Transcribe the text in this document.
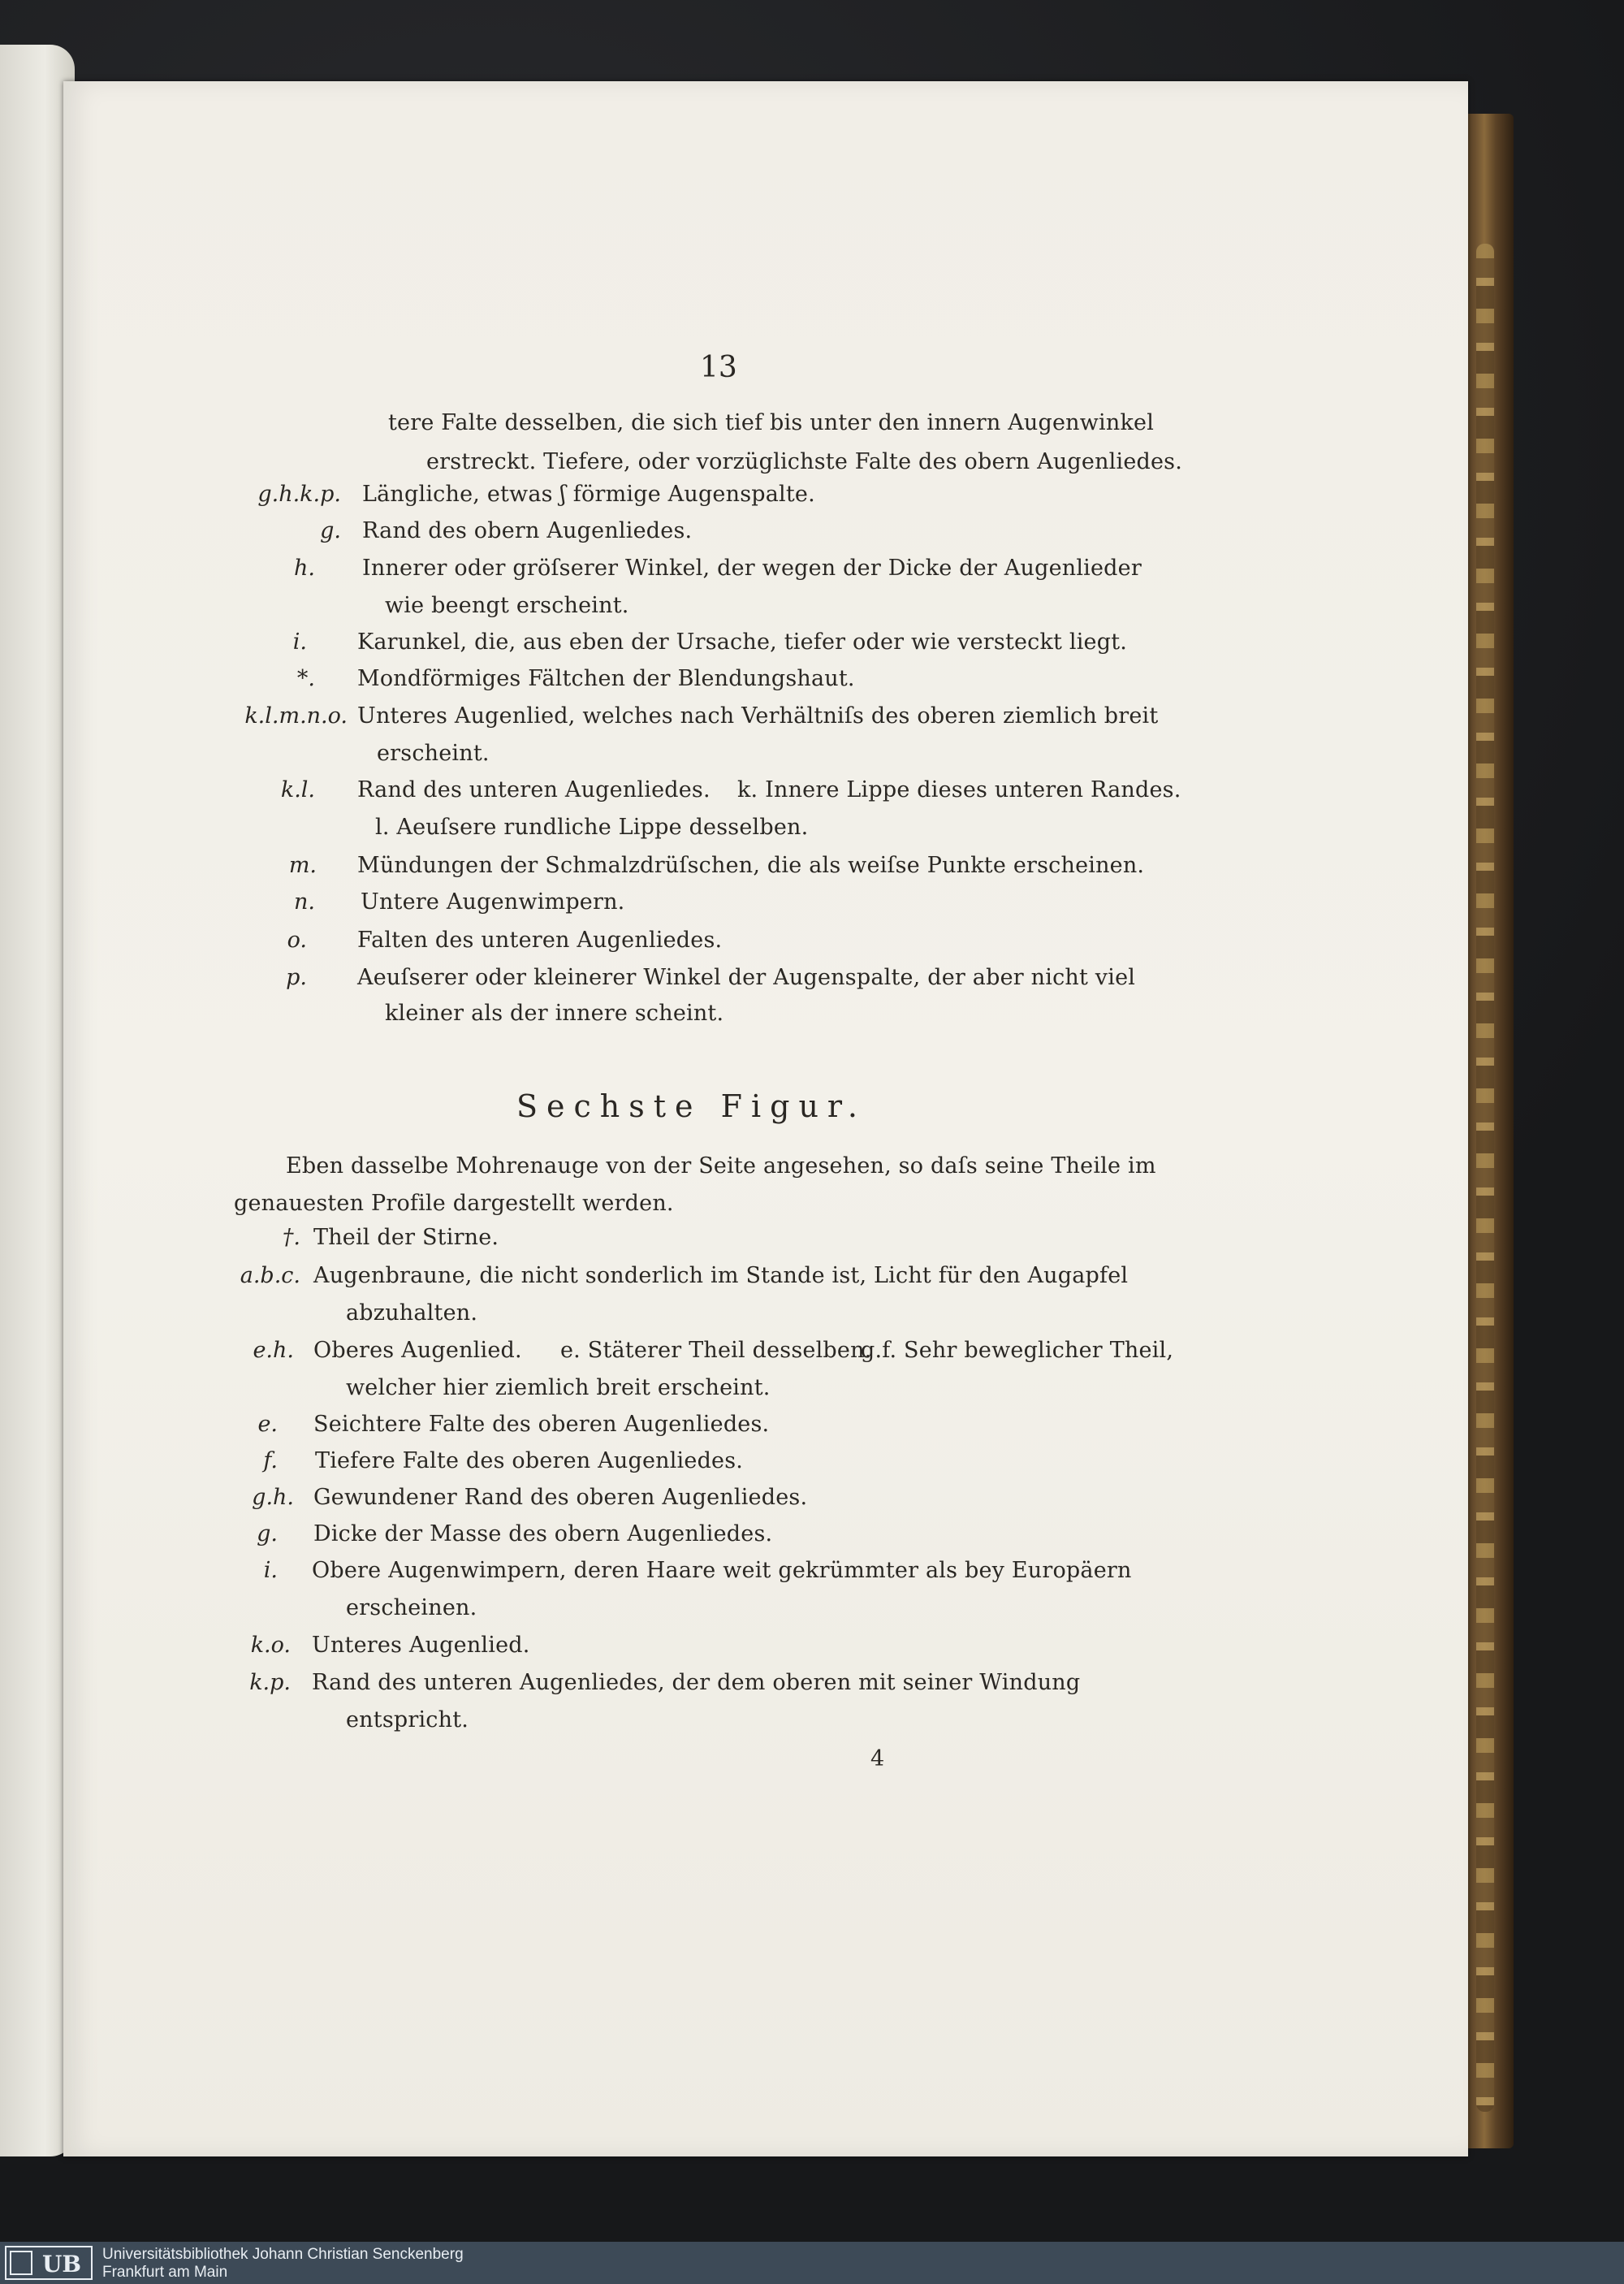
13
tere Falte desselben, die sich tief bis unter den innern Augenwinkel
erstreckt. Tiefere, oder vorzüglichste Falte des obern Augenliedes.
g.h.k.p. Längliche, etwas ʃ förmige Augenspalte.
g. Rand des obern Augenliedes.
h. Innerer oder gröſserer Winkel, der wegen der Dicke der Augenlieder
wie beengt erscheint.
i. Karunkel, die, aus eben der Ursache, tiefer oder wie versteckt liegt.
*. Mondförmiges Fältchen der Blendungshaut.
k.l.m.n.o. Unteres Augenlied, welches nach Verhältniſs des oberen ziemlich breit
erscheint.
k.l. Rand des unteren Augenliedes. k. Innere Lippe dieses unteren Randes.
l. Aeuſsere rundliche Lippe desselben.
m. Mündungen der Schmalzdrüſschen, die als weiſse Punkte erscheinen.
n. Untere Augenwimpern.
o. Falten des unteren Augenliedes.
p. Aeuſserer oder kleinerer Winkel der Augenspalte, der aber nicht viel
kleiner als der innere scheint.
Sechste Figur.
Eben dasselbe Mohrenauge von der Seite angesehen, so daſs seine Theile im
genauesten Profile dargestellt werden.
†. Theil der Stirne.
a.b.c. Augenbraune, die nicht sonderlich im Stande ist, Licht für den Augapfel
abzuhalten.
e.h. Oberes Augenlied. e. Stäterer Theil desselben.
g.f. Sehr beweglicher Theil,
welcher hier ziemlich breit erscheint.
e. Seichtere Falte des oberen Augenliedes.
f. Tiefere Falte des oberen Augenliedes.
g.h. Gewundener Rand des oberen Augenliedes.
g. Dicke der Masse des obern Augenliedes.
i. Obere Augenwimpern, deren Haare weit gekrümmter als bey Europäern
erscheinen.
k.o. Unteres Augenlied.
k.p. Rand des unteren Augenliedes, der dem oberen mit seiner Windung
entspricht.
4
UB Universitätsbibliothek Johann Christian Senckenberg
Frankfurt am Main
